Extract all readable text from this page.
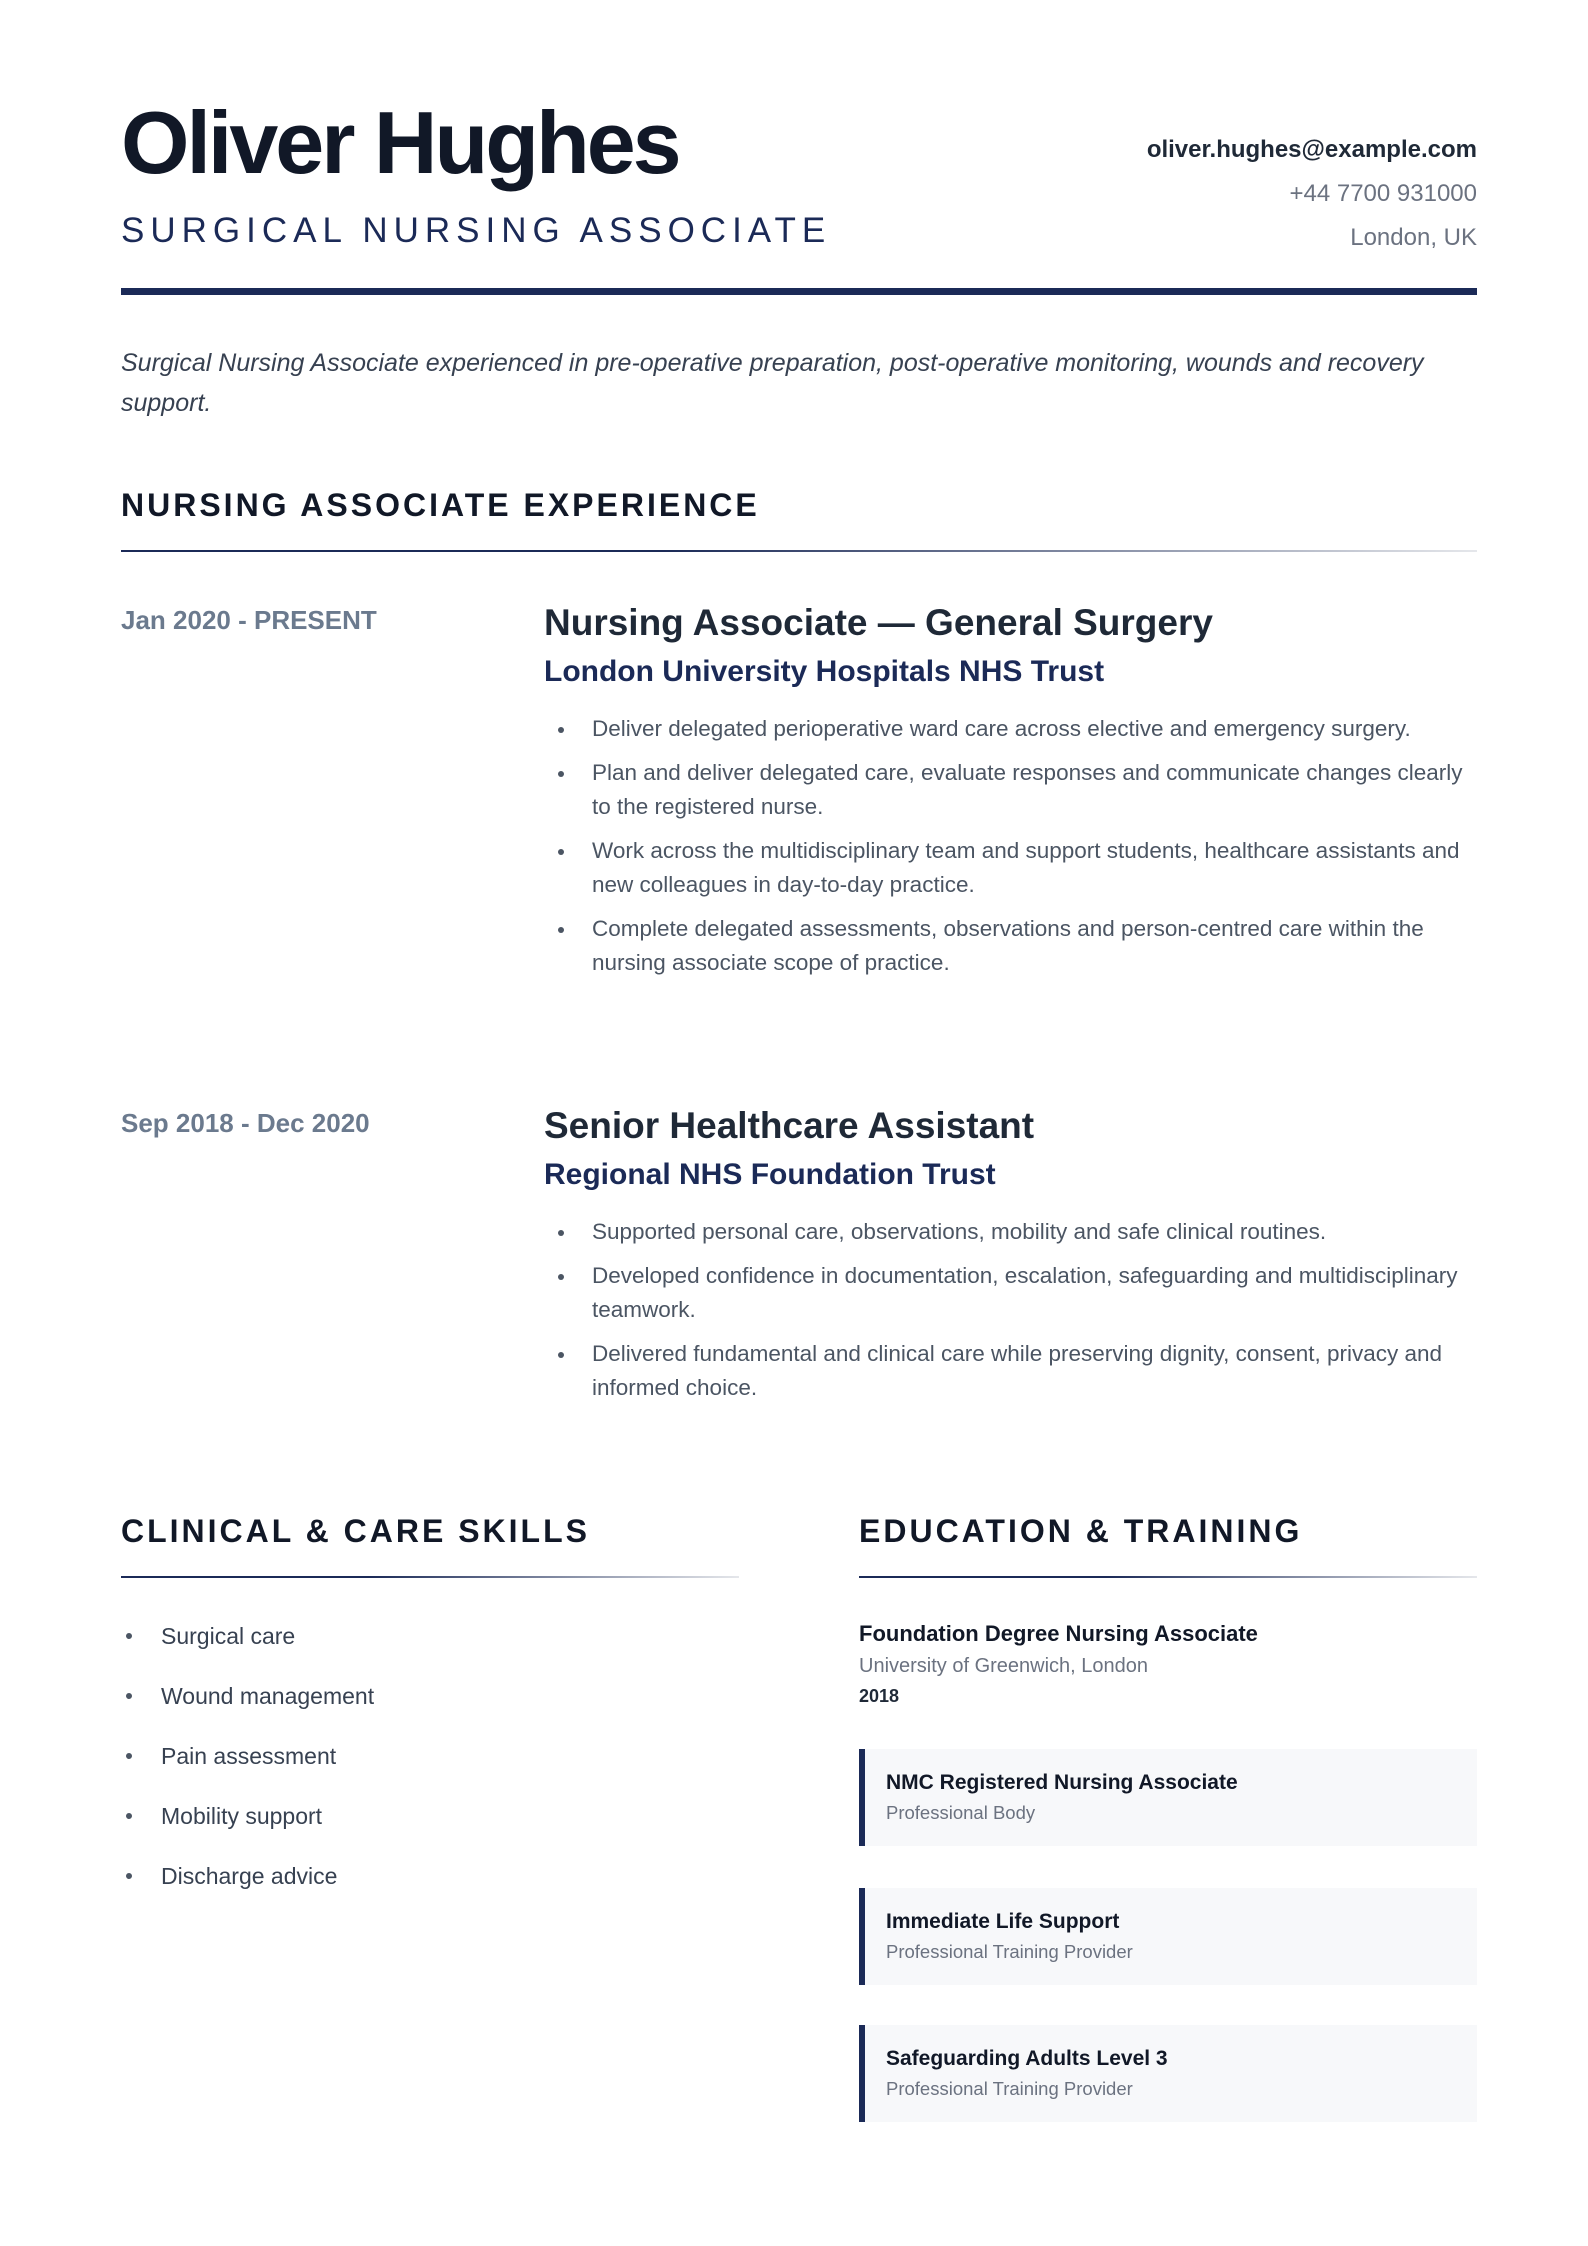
Oliver Hughes
SURGICAL NURSING ASSOCIATE
oliver.hughes@example.com
+44 7700 931000
London, UK
Surgical Nursing Associate experienced in pre-operative preparation, post-operative monitoring, wounds and recovery support.
NURSING ASSOCIATE EXPERIENCE
Jan 2020 - PRESENT	Nursing Associate — General Surgery
London University Hospitals NHS Trust
Deliver delegated perioperative ward care across elective and emergency surgery.
Plan and deliver delegated care, evaluate responses and communicate changes clearly to the registered nurse.
Work across the multidisciplinary team and support students, healthcare assistants and new colleagues in day-to-day practice.
Complete delegated assessments, observations and person-centred care within the nursing associate scope of practice.
Sep 2018 - Dec 2020	Senior Healthcare Assistant
Regional NHS Foundation Trust
Supported personal care, observations, mobility and safe clinical routines.
Developed confidence in documentation, escalation, safeguarding and multidisciplinary teamwork.
Delivered fundamental and clinical care while preserving dignity, consent, privacy and informed choice.
CLINICAL & CARE SKILLS
Surgical care
Wound management
Pain assessment
Mobility support
Discharge advice
EDUCATION & TRAINING
Foundation Degree Nursing Associate
University of Greenwich, London
2018
NMC Registered Nursing Associate
Professional Body
Immediate Life Support
Professional Training Provider
Safeguarding Adults Level 3
Professional Training Provider
